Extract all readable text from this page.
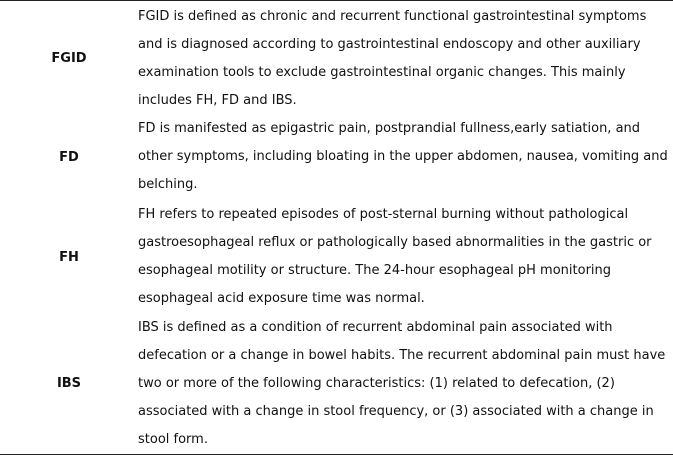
FGID
FGID is defined as chronic and recurrent functional gastrointestinal symptoms and is diagnosed according to gastrointestinal endoscopy and other auxiliary examination tools to exclude gastrointestinal organic changes. This mainly includes FH, FD and IBS.
FD
FD is manifested as epigastric pain, postprandial fullness,early satiation, and other symptoms, including bloating in the upper abdomen, nausea, vomiting and belching.
FH
FH refers to repeated episodes of post-sternal burning without pathological gastroesophageal reflux or pathologically based abnormalities in the gastric or esophageal motility or structure. The 24-hour esophageal pH monitoring esophageal acid exposure time was normal.
IBS
IBS is defined as a condition of recurrent abdominal pain associated with defecation or a change in bowel habits. The recurrent abdominal pain must have two or more of the following characteristics: (1) related to defecation, (2) associated with a change in stool frequency, or (3) associated with a change in stool form.
